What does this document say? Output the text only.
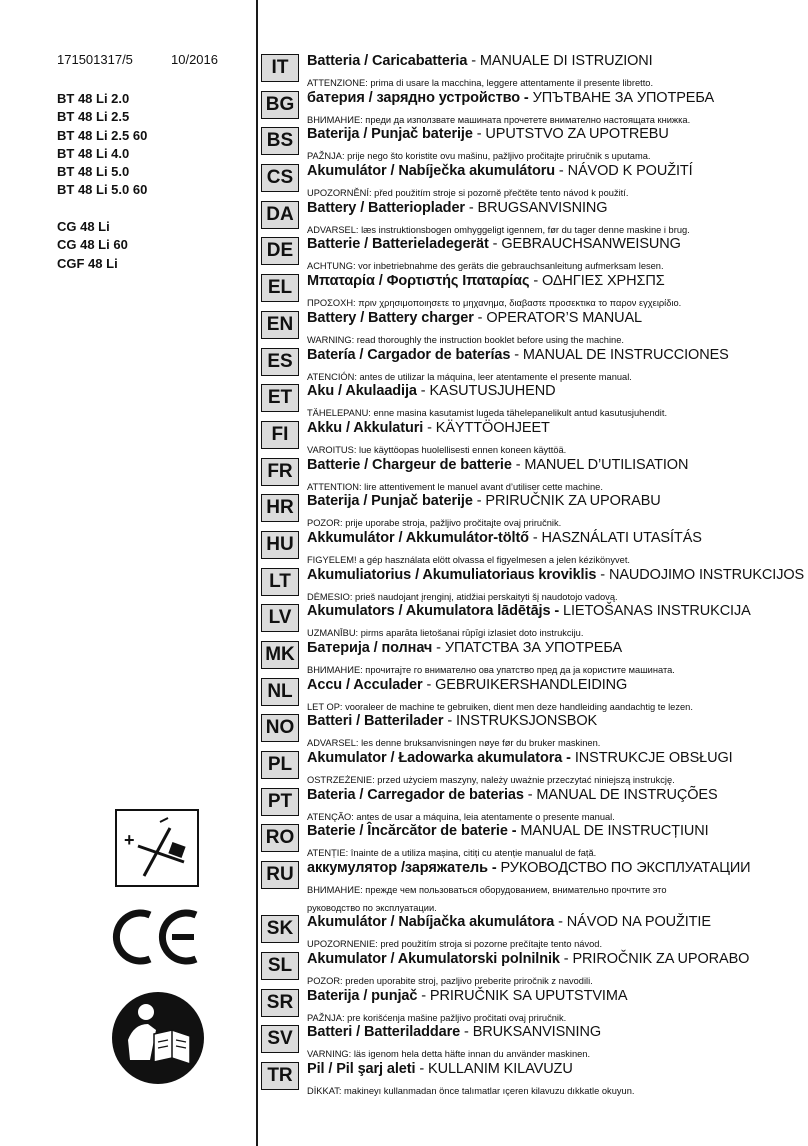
171501317/5	10/2016
BT 48 Li 2.0
BT 48 Li 2.5
BT 48 Li 2.5 60
BT 48 Li 4.0
BT 48 Li 5.0
BT 48 Li 5.0 60
CG 48 Li
CG 48 Li 60
CGF 48 Li
+
IT	Batteria / Caricabatteria - MANUALE DI ISTRUZIONI
ATTENZIONE: prima di usare la macchina, leggere attentamente il presente libretto.
BG батерия / зарядно устройство - УПЪТВАНЕ ЗА УПОТРЕБА
ВНИМАНИЕ: преди да използвате машината прочетете внимателно настоящата книжка.
BS Baterija / Punjač baterije - UPUTSTVO ZA UPOTREBU
PAŽNJA: prije nego što koristite ovu mašinu, pažljivo pročitajte priručnik s uputama.
CS Akumulátor / Nabíječka akumulátoru - NÁVOD K POUŽITÍ
UPOZORNĚNÍ: před použitím stroje si pozorně přečtěte tento návod k použití.
DA Battery / Batterioplader - BRUGSANVISNING
ADVARSEL: læs instruktionsbogen omhyggeligt igennem, før du tager denne maskine i brug.
DE Batterie / Batterieladegerät - GEBRAUCHSANWEISUNG
ACHTUNG: vor inbetriebnahme des geräts die gebrauchsanleitung aufmerksam lesen.
EL	Μπαταρία / Φορτιστής Ιπαταρίας - ΟΔΗΓΙΕΣ ΧΡΗΣΠΣ
ΠΡΟΣΟΧΗ: πριν χρησιμοποιησετε το μηχανημα, διαβαστε προσεκτικα το παρον εγχειρίδιο.
EN Battery / Battery charger - OPERATOR’S MANUAL
WARNING: read thoroughly the instruction booklet before using the machine.
ES Batería / Cargador de baterías - MANUAL DE INSTRUCCIONES
ATENCIÓN: antes de utilizar la máquina, leer atentamente el presente manual.
ET	Aku / Akulaadija - KASUTUSJUHEND
TÄHELEPANU: enne masina kasutamist lugeda tähelepanelikult antud kasutusjuhendit.
FI	Akku / Akkulaturi - KÄYTTÖOHJEET
VAROITUS: lue käyttöopas huolellisesti ennen koneen käyttöä.
FR Batterie / Chargeur de batterie - MANUEL D’UTILISATION
ATTENTION: lire attentivement le manuel avant d’utiliser cette machine.
HR Baterija / Punjač baterije - PRIRUČNIK ZA UPORABU
POZOR: prije uporabe stroja, pažljivo pročitajte ovaj priručnik.
HU Akkumulátor / Akkumulátor-töltő - HASZNÁLATI UTASÍTÁS
FIGYELEM! a gép használata elött olvassa el figyelmesen a jelen kézikönyvet.
LT	Akumuliatorius / Akumuliatoriaus kroviklis - NAUDOJIMO INSTRUKCIJOS
DĖMESIO: prieš naudojant įrenginį, atidžiai perskaityti šį naudotojo vadovą.
LV	Akumulators / Akumulatora lādētājs - LIETOŠANAS INSTRUKCIJA
UZMANĪBU: pirms aparāta lietošanai rūpīgi izlasiet doto instrukciju.
MK Батерија / полнач - УПАТСТВА ЗА УПОТРЕБА
ВНИМАНИЕ: прочитајте го внимателно ова упатство пред да ја користите машината.
NL Accu / Acculader - GEBRUIKERSHANDLEIDING
LET OP: vooraleer de machine te gebruiken, dient men deze handleiding aandachtig te lezen.
NO Batteri / Batterilader - INSTRUKSJONSBOK
ADVARSEL: les denne bruksanvisningen nøye før du bruker maskinen.
PL	Akumulator / Ładowarka akumulatora - INSTRUKCJE OBSŁUGI
OSTRZEŻENIE: przed użyciem maszyny, należy uważnie przeczytać niniejszą instrukcję.
PT	Bateria / Carregador de baterias - MANUAL DE INSTRUÇÕES
ATENÇÃO: antes de usar a máquina, leia atentamente o presente manual.
RO Baterie / Încărcător de baterie - MANUAL DE INSTRUCȚIUNI
ATENȚIE: înainte de a utiliza mașina, citiți cu atenție manualul de față.
RU аккумулятор /заряжатель - РУКОВОДСТВО ПО ЭКСПЛУАТАЦИИ
ВНИМАНИЕ: прежде чем пользоваться оборудованием, внимательно прочтите это руководство по эксплуатации.
SK Akumulátor / Nabíjačka akumulátora - NÁVOD NA POUŽITIE
UPOZORNENIE: pred použitím stroja si pozorne prečítajte tento návod.
SL	Akumulator / Akumulatorski polnilnik - PRIROČNIK ZA UPORABO
POZOR: preden uporabite stroj, pazljivo preberite priročnik z navodili.
SR Baterija / punjač - PRIRUČNIK SA UPUTSTVIMA
PAŽNJA: pre korišćenja mašine pažljivo pročitati ovaj priručnik.
SV Batteri / Batteriladdare - BRUKSANVISNING
VARNING: läs igenom hela detta häfte innan du använder maskinen.
TR Pil / Pil şarj aleti - KULLANIM KILAVUZU
DİKKAT: makineyı kullanmadan önce talımatlar ıçeren kilavuzu dıkkatle okuyun.
